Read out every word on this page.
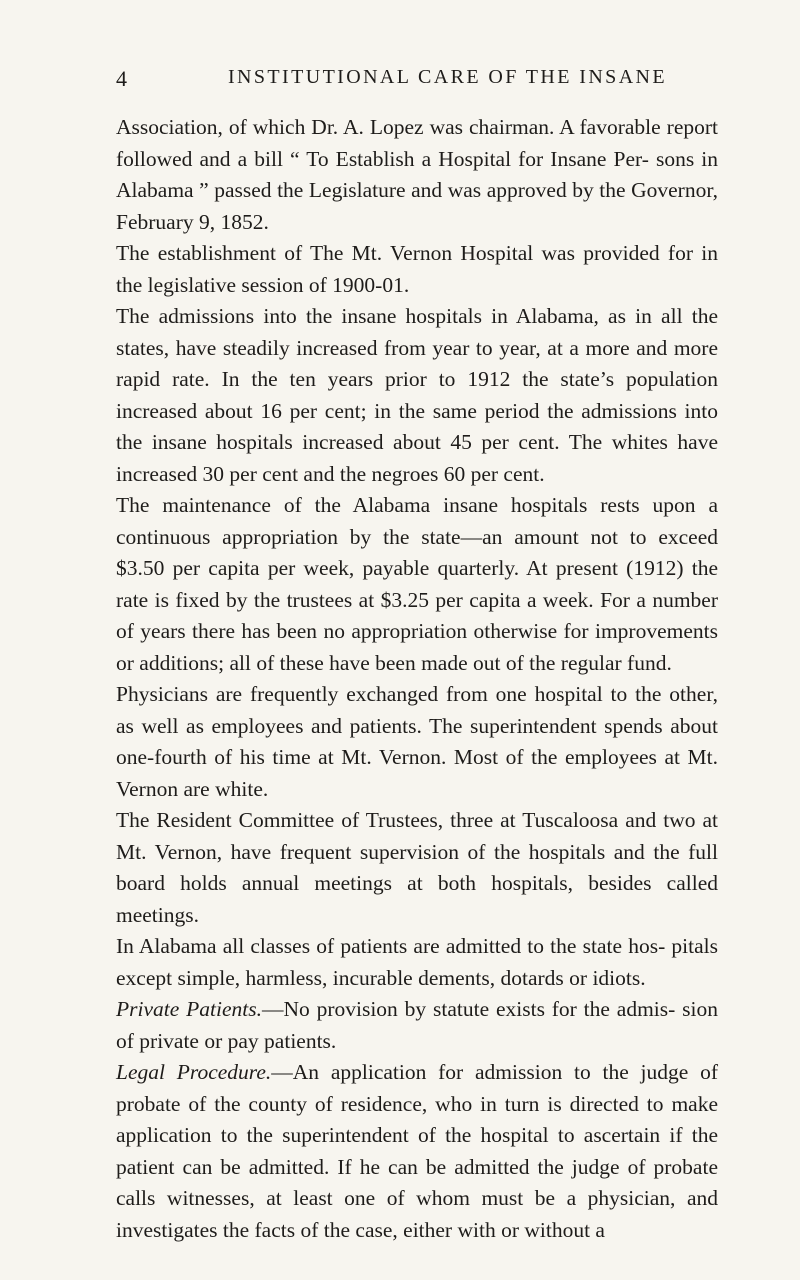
4	INSTITUTIONAL CARE OF THE INSANE

Association, of which Dr. A. Lopez was chairman. A favorable report followed and a bill “ To Establish a Hospital for Insane Per- sons in Alabama ” passed the Legislature and was approved by the Governor, February 9, 1852.

The establishment of The Mt. Vernon Hospital was provided for in the legislative session of 1900-01.

The admissions into the insane hospitals in Alabama, as in all the states, have steadily increased from year to year, at a more and more rapid rate. In the ten years prior to 1912 the state’s population increased about 16 per cent; in the same period the admissions into the insane hospitals increased about 45 per cent. The whites have increased 30 per cent and the negroes 60 per cent.

The maintenance of the Alabama insane hospitals rests upon a continuous appropriation by the state—an amount not to exceed $3.50 per capita per week, payable quarterly. At present (1912) the rate is fixed by the trustees at $3.25 per capita a week. For a number of years there has been no appropriation otherwise for improvements or additions; all of these have been made out of the regular fund.

Physicians are frequently exchanged from one hospital to the other, as well as employees and patients. The superintendent spends about one-fourth of his time at Mt. Vernon. Most of the employees at Mt. Vernon are white.

The Resident Committee of Trustees, three at Tuscaloosa and two at Mt. Vernon, have frequent supervision of the hospitals and the full board holds annual meetings at both hospitals, besides called meetings.

In Alabama all classes of patients are admitted to the state hos- pitals except simple, harmless, incurable dements, dotards or idiots.

Private Patients.—No provision by statute exists for the admis- sion of private or pay patients.

Legal Procedure.—An application for admission to the judge of probate of the county of residence, who in turn is directed to make application to the superintendent of the hospital to ascertain if the patient can be admitted. If he can be admitted the judge of probate calls witnesses, at least one of whom must be a physician, and investigates the facts of the case, either with or without a
